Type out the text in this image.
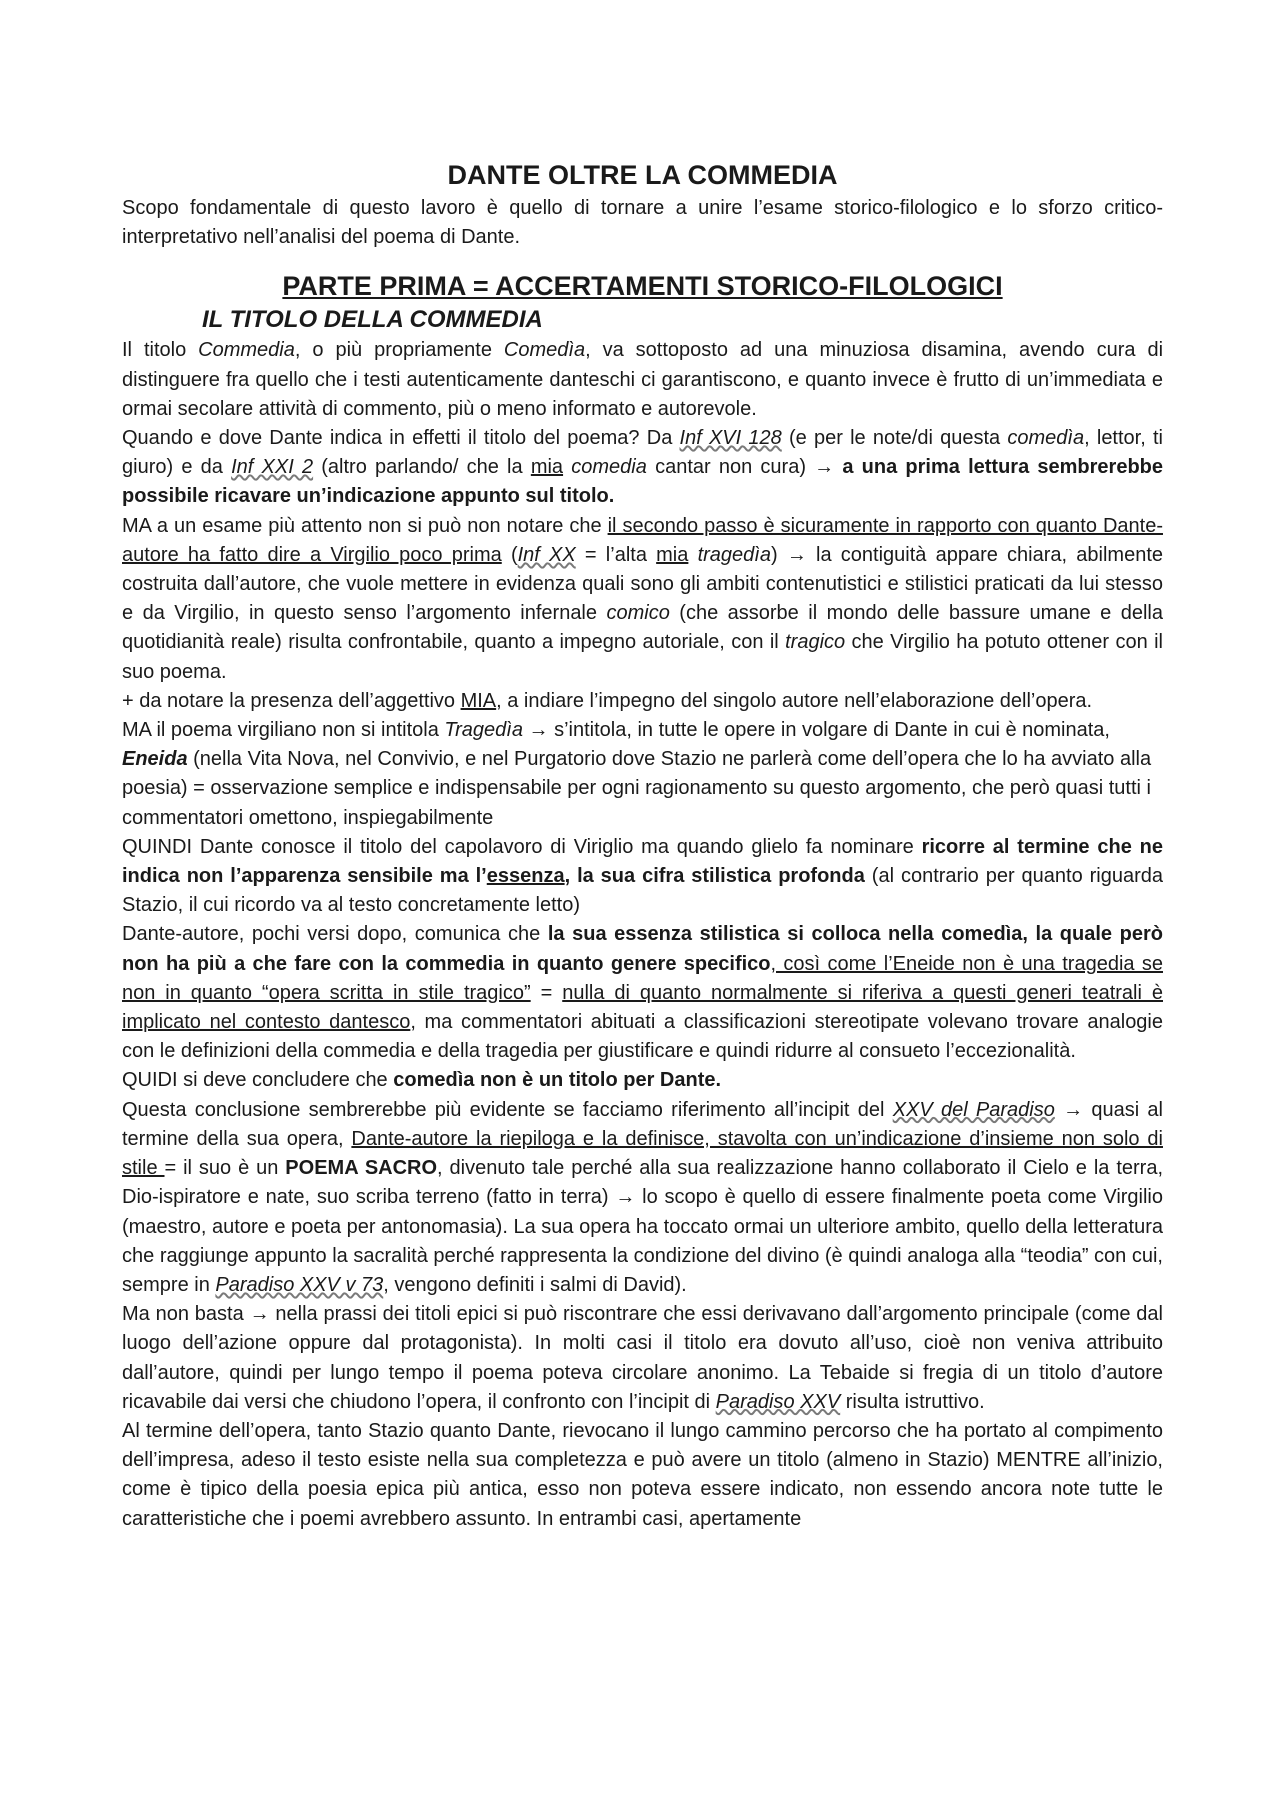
DANTE OLTRE LA COMMEDIA

Scopo fondamentale di questo lavoro è quello di tornare a unire l’esame storico-filologico e lo sforzo critico-interpretativo nell’analisi del poema di Dante.

PARTE PRIMA = ACCERTAMENTI STORICO-FILOLOGICI
IL TITOLO DELLA COMMEDIA

Il titolo Commedia, o più propriamente Comedìa, va sottoposto ad una minuziosa disamina, avendo cura di distinguere fra quello che i testi autenticamente danteschi ci garantiscono, e quanto invece è frutto di un’immediata e ormai secolare attività di commento, più o meno informato e autorevole.

Quando e dove Dante indica in effetti il titolo del poema? Da Inf XVI 128 (e per le note/di questa comedìa, lettor, ti giuro) e da Inf XXI 2 (altro parlando/ che la mia comedia cantar non cura) → a una prima lettura sembrerebbe possibile ricavare un’indicazione appunto sul titolo.

MA a un esame più attento non si può non notare che il secondo passo è sicuramente in rapporto con quanto Dante-autore ha fatto dire a Virgilio poco prima (Inf XX = l’alta mia tragedìa) → la contiguità appare chiara, abilmente costruita dall’autore, che vuole mettere in evidenza quali sono gli ambiti contenutistici e stilistici praticati da lui stesso e da Virgilio, in questo senso l’argomento infernale comico (che assorbe il mondo delle bassure umane e della quotidianità reale) risulta confrontabile, quanto a impegno autoriale, con il tragico che Virgilio ha potuto ottener con il suo poema.

+ da notare la presenza dell’aggettivo MIA, a indiare l’impegno del singolo autore nell’elaborazione dell’opera.

MA il poema virgiliano non si intitola Tragedìa → s’intitola, in tutte le opere in volgare di Dante in cui è nominata, Eneida (nella Vita Nova, nel Convivio, e nel Purgatorio dove Stazio ne parlerà come dell’opera che lo ha avviato alla poesia) = osservazione semplice e indispensabile per ogni ragionamento su questo argomento, che però quasi tutti i commentatori omettono, inspiegabilmente

QUINDI Dante conosce il titolo del capolavoro di Viriglio ma quando glielo fa nominare ricorre al termine che ne indica non l’apparenza sensibile ma l’essenza, la sua cifra stilistica profonda (al contrario per quanto riguarda Stazio, il cui ricordo va al testo concretamente letto)

Dante-autore, pochi versi dopo, comunica che la sua essenza stilistica si colloca nella comedìa, la quale però non ha più a che fare con la commedia in quanto genere specifico, così come l’Eneide non è una tragedia se non in quanto “opera scritta in stile tragico” = nulla di quanto normalmente si riferiva a questi generi teatrali è implicato nel contesto dantesco, ma commentatori abituati a classificazioni stereotipate volevano trovare analogie con le definizioni della commedia e della tragedia per giustificare e quindi ridurre al consueto l’eccezionalità.

QUIDI si deve concludere che comedìa non è un titolo per Dante.

Questa conclusione sembrerebbe più evidente se facciamo riferimento all’incipit del XXV del Paradiso → quasi al termine della sua opera, Dante-autore la riepiloga e la definisce, stavolta con un’indicazione d’insieme non solo di stile = il suo è un POEMA SACRO, divenuto tale perché alla sua realizzazione hanno collaborato il Cielo e la terra, Dio-ispiratore e nate, suo scriba terreno (fatto in terra) → lo scopo è quello di essere finalmente poeta come Virgilio (maestro, autore e poeta per antonomasia). La sua opera ha toccato ormai un ulteriore ambito, quello della letteratura che raggiunge appunto la sacralità perché rappresenta la condizione del divino (è quindi analoga alla “teodia” con cui, sempre in Paradiso XXV v 73, vengono definiti i salmi di David).

Ma non basta → nella prassi dei titoli epici si può riscontrare che essi derivavano dall’argomento principale (come dal luogo dell’azione oppure dal protagonista). In molti casi il titolo era dovuto all’uso, cioè non veniva attribuito dall’autore, quindi per lungo tempo il poema poteva circolare anonimo. La Tebaide si fregia di un titolo d’autore ricavabile dai versi che chiudono l’opera, il confronto con l’incipit di Paradiso XXV risulta istruttivo.

Al termine dell’opera, tanto Stazio quanto Dante, rievocano il lungo cammino percorso che ha portato al compimento dell’impresa, adeso il testo esiste nella sua completezza e può avere un titolo (almeno in Stazio) MENTRE all’inizio, come è tipico della poesia epica più antica, esso non poteva essere indicato, non essendo ancora note tutte le caratteristiche che i poemi avrebbero assunto. In entrambi casi, apertamente
